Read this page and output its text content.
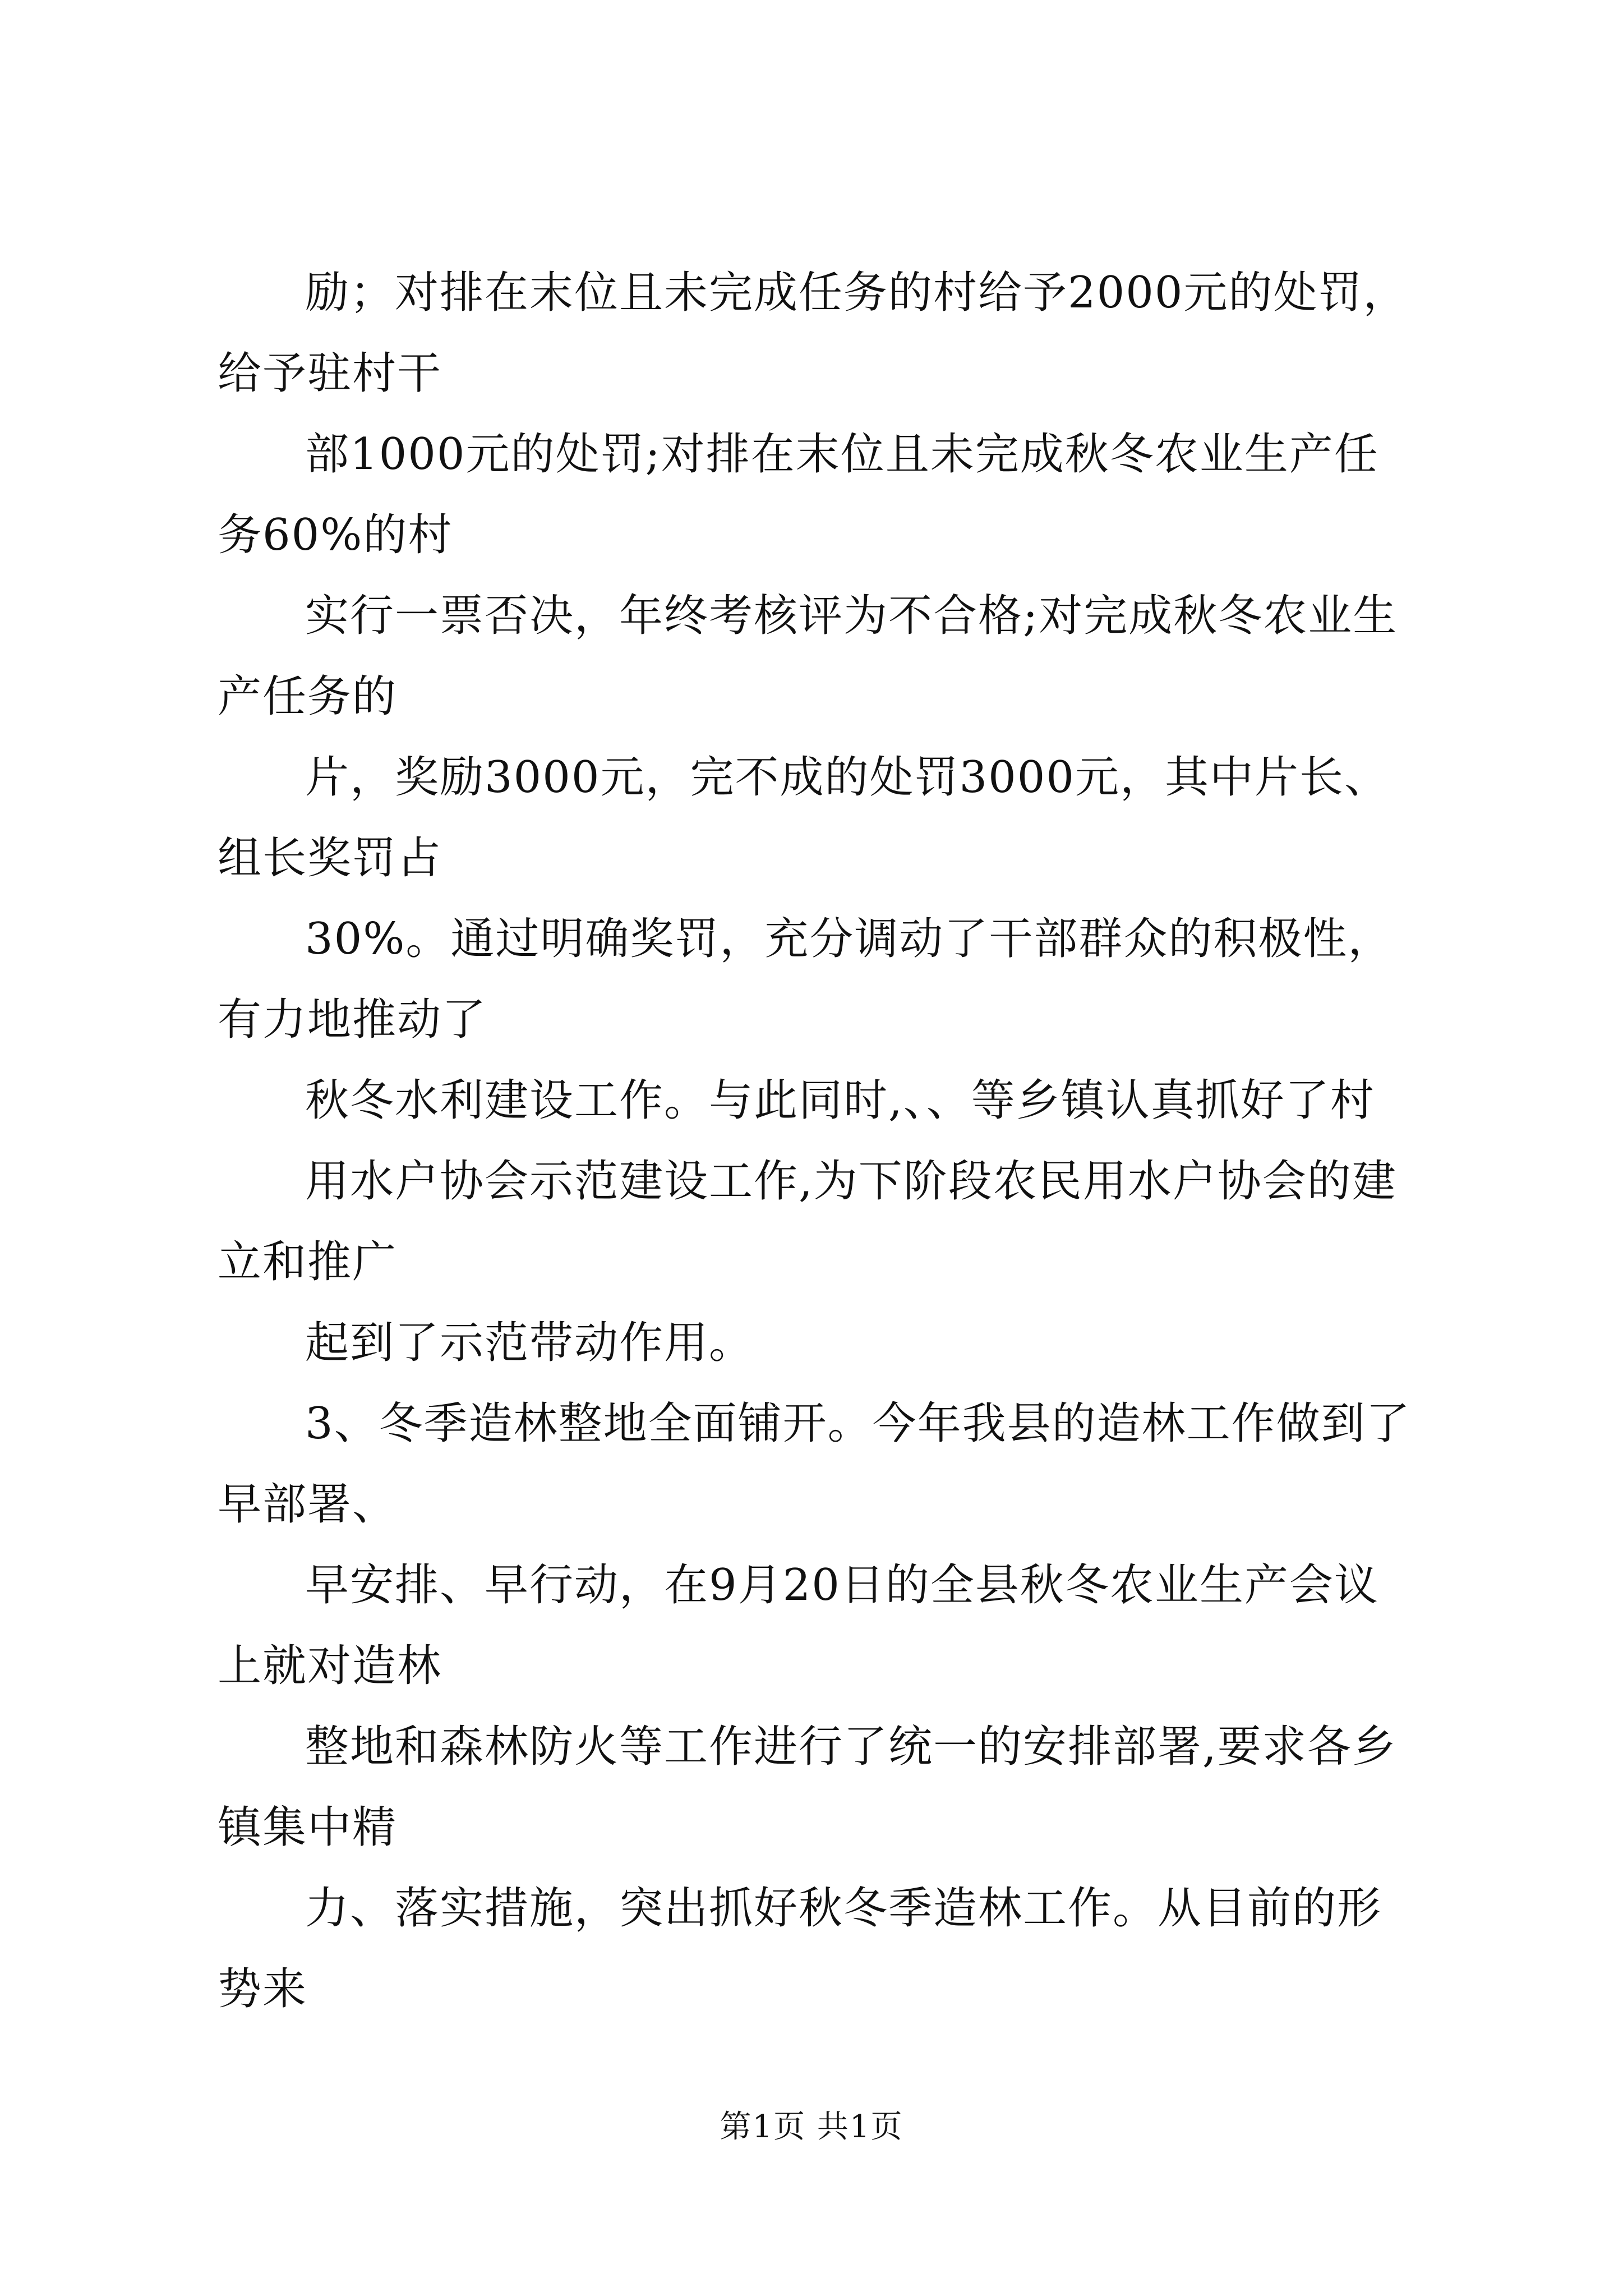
励；对排在末位且未完成任务的村给予2000元的处罚，给予驻村干

部1000元的处罚;对排在末位且未完成秋冬农业生产任务60%的村

实行一票否决，年终考核评为不合格;对完成秋冬农业生产任务的

片，奖励3000元，完不成的处罚3000元，其中片长、组长奖罚占

30%。通过明确奖罚，充分调动了干部群众的积极性，有力地推动了

秋冬水利建设工作。与此同时,、、等乡镇认真抓好了村

用水户协会示范建设工作,为下阶段农民用水户协会的建立和推广

起到了示范带动作用。

3、冬季造林整地全面铺开。今年我县的造林工作做到了早部署、

早安排、早行动，在9月20日的全县秋冬农业生产会议上就对造林

整地和森林防火等工作进行了统一的安排部署,要求各乡镇集中精

力、落实措施，突出抓好秋冬季造林工作。从目前的形势来

第1页 共1页
